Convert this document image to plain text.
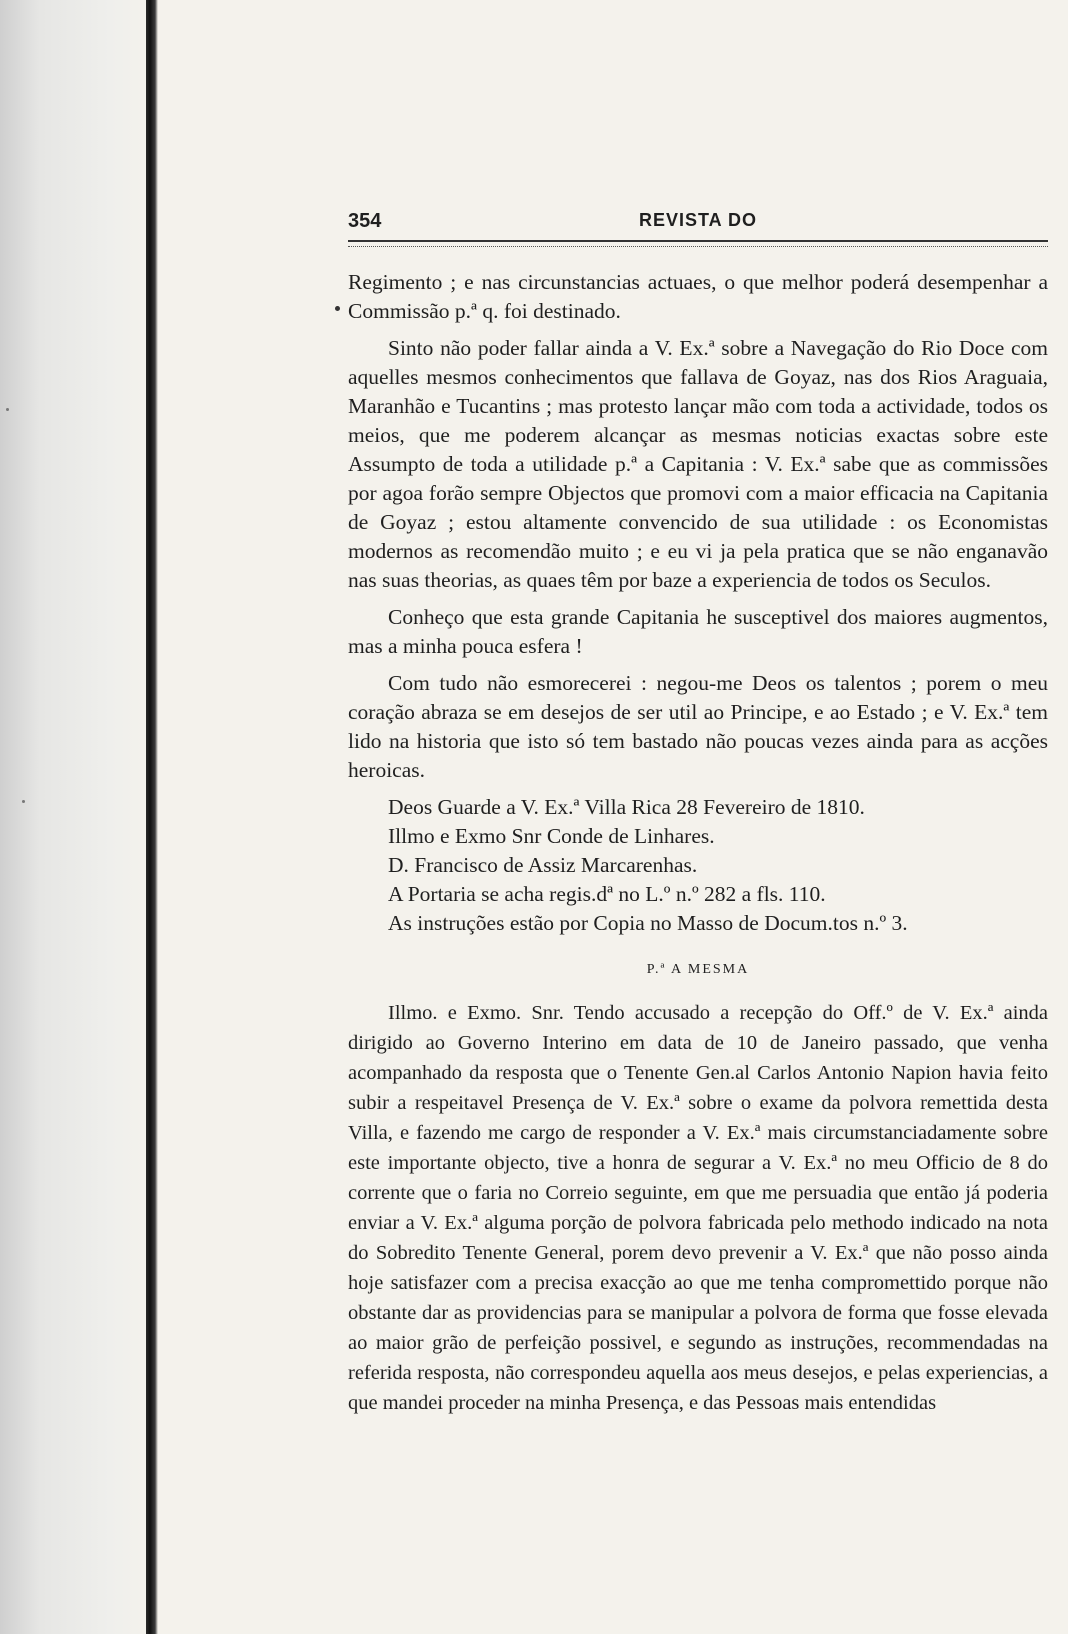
354	REVISTA DO

Regimento ; e nas circunstancias actuaes, o que melhor poderá desempenhar a Commissão p.ª q. foi destinado.

Sinto não poder fallar ainda a V. Ex.ª sobre a Navegação do Rio Doce com aquelles mesmos conhecimentos que fallava de Goyaz, nas dos Rios Araguaia, Maranhão e Tucantins ; mas protesto lançar mão com toda a actividade, todos os meios, que me poderem alcançar as mesmas noticias exactas sobre este Assumpto de toda a utilidade p.ª a Capitania : V. Ex.ª sabe que as commissões por agoa forão sempre Objectos que promovi com a maior efficacia na Capitania de Goyaz ; estou altamente convencido de sua utilidade : os Economistas modernos as recomendão muito ; e eu vi ja pela pratica que se não enganavão nas suas theorias, as quaes têm por baze a experiencia de todos os Seculos.

Conheço que esta grande Capitania he susceptivel dos maiores augmentos, mas a minha pouca esfera !

Com tudo não esmorecerei : negou-me Deos os talentos ; porem o meu coração abraza se em desejos de ser util ao Principe, e ao Estado ; e V. Ex.ª tem lido na historia que isto só tem bastado não poucas vezes ainda para as acções heroicas.

Deos Guarde a V. Ex.ª Villa Rica 28 Fevereiro de 1810.

Illmo e Exmo Snr Conde de Linhares.

D. Francisco de Assiz Marcarenhas.

A Portaria se acha regis.dª no L.º n.º 282 a fls. 110.

As instruções estão por Copia no Masso de Docum.tos n.º 3.

P.ª A MESMA

Illmo. e Exmo. Snr. Tendo accusado a recepção do Off.º de V. Ex.ª ainda dirigido ao Governo Interino em data de 10 de Janeiro passado, que venha acompanhado da resposta que o Tenente Gen.al Carlos Antonio Napion havia feito subir a respeitavel Presença de V. Ex.ª sobre o exame da polvora remettida desta Villa, e fazendo me cargo de responder a V. Ex.ª mais circumstanciadamente sobre este importante objecto, tive a honra de segurar a V. Ex.ª no meu Officio de 8 do corrente que o faria no Correio seguinte, em que me persuadia que então já poderia enviar a V. Ex.ª alguma porção de polvora fabricada pelo methodo indicado na nota do Sobredito Tenente General, porem devo prevenir a V. Ex.ª que não posso ainda hoje satisfazer com a precisa exacção ao que me tenha compromettido porque não obstante dar as providencias para se manipular a polvora de forma que fosse elevada ao maior grão de perfeição possivel, e segundo as instruções, recommendadas na referida resposta, não correspondeu aquella aos meus desejos, e pelas experiencias, a que mandei proceder na minha Presença, e das Pessoas mais entendidas
